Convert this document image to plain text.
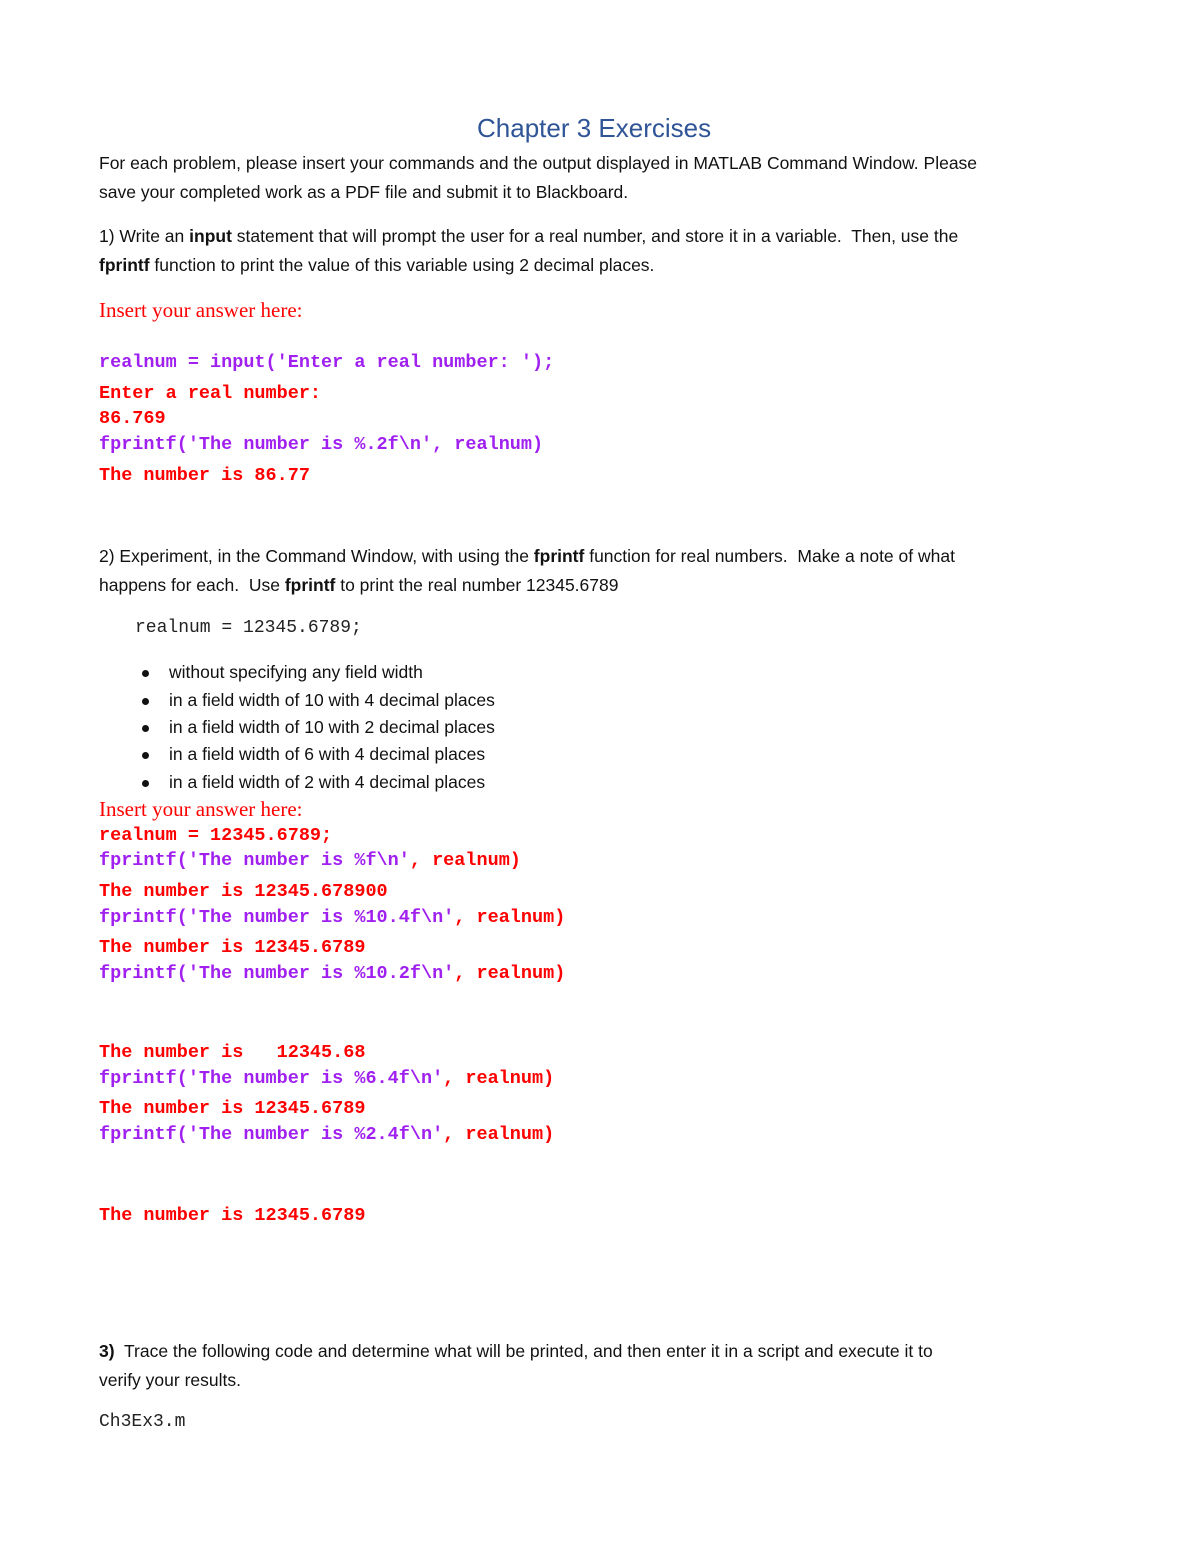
Chapter 3 Exercises
For each problem, please insert your commands and the output displayed in MATLAB Command Window. Please
save your completed work as a PDF file and submit it to Blackboard.
1) Write an input statement that will prompt the user for a real number, and store it in a variable.  Then, use the
fprintf function to print the value of this variable using 2 decimal places.
Insert your answer here:
realnum = input('Enter a real number: ');
Enter a real number:
86.769
fprintf('The number is %.2f\n', realnum)
The number is 86.77
2) Experiment, in the Command Window, with using the fprintf function for real numbers.  Make a note of what
happens for each.  Use fprintf to print the real number 12345.6789
realnum = 12345.6789;
without specifying any field width
in a field width of 10 with 4 decimal places
in a field width of 10 with 2 decimal places
in a field width of 6 with 4 decimal places
in a field width of 2 with 4 decimal places
Insert your answer here:
realnum = 12345.6789;
fprintf('The number is %f\n', realnum)
The number is 12345.678900
fprintf('The number is %10.4f\n', realnum)
The number is 12345.6789
fprintf('The number is %10.2f\n', realnum)
The number is   12345.68
fprintf('The number is %6.4f\n', realnum)
The number is 12345.6789
fprintf('The number is %2.4f\n', realnum)
The number is 12345.6789
3)  Trace the following code and determine what will be printed, and then enter it in a script and execute it to
verify your results.
Ch3Ex3.m
